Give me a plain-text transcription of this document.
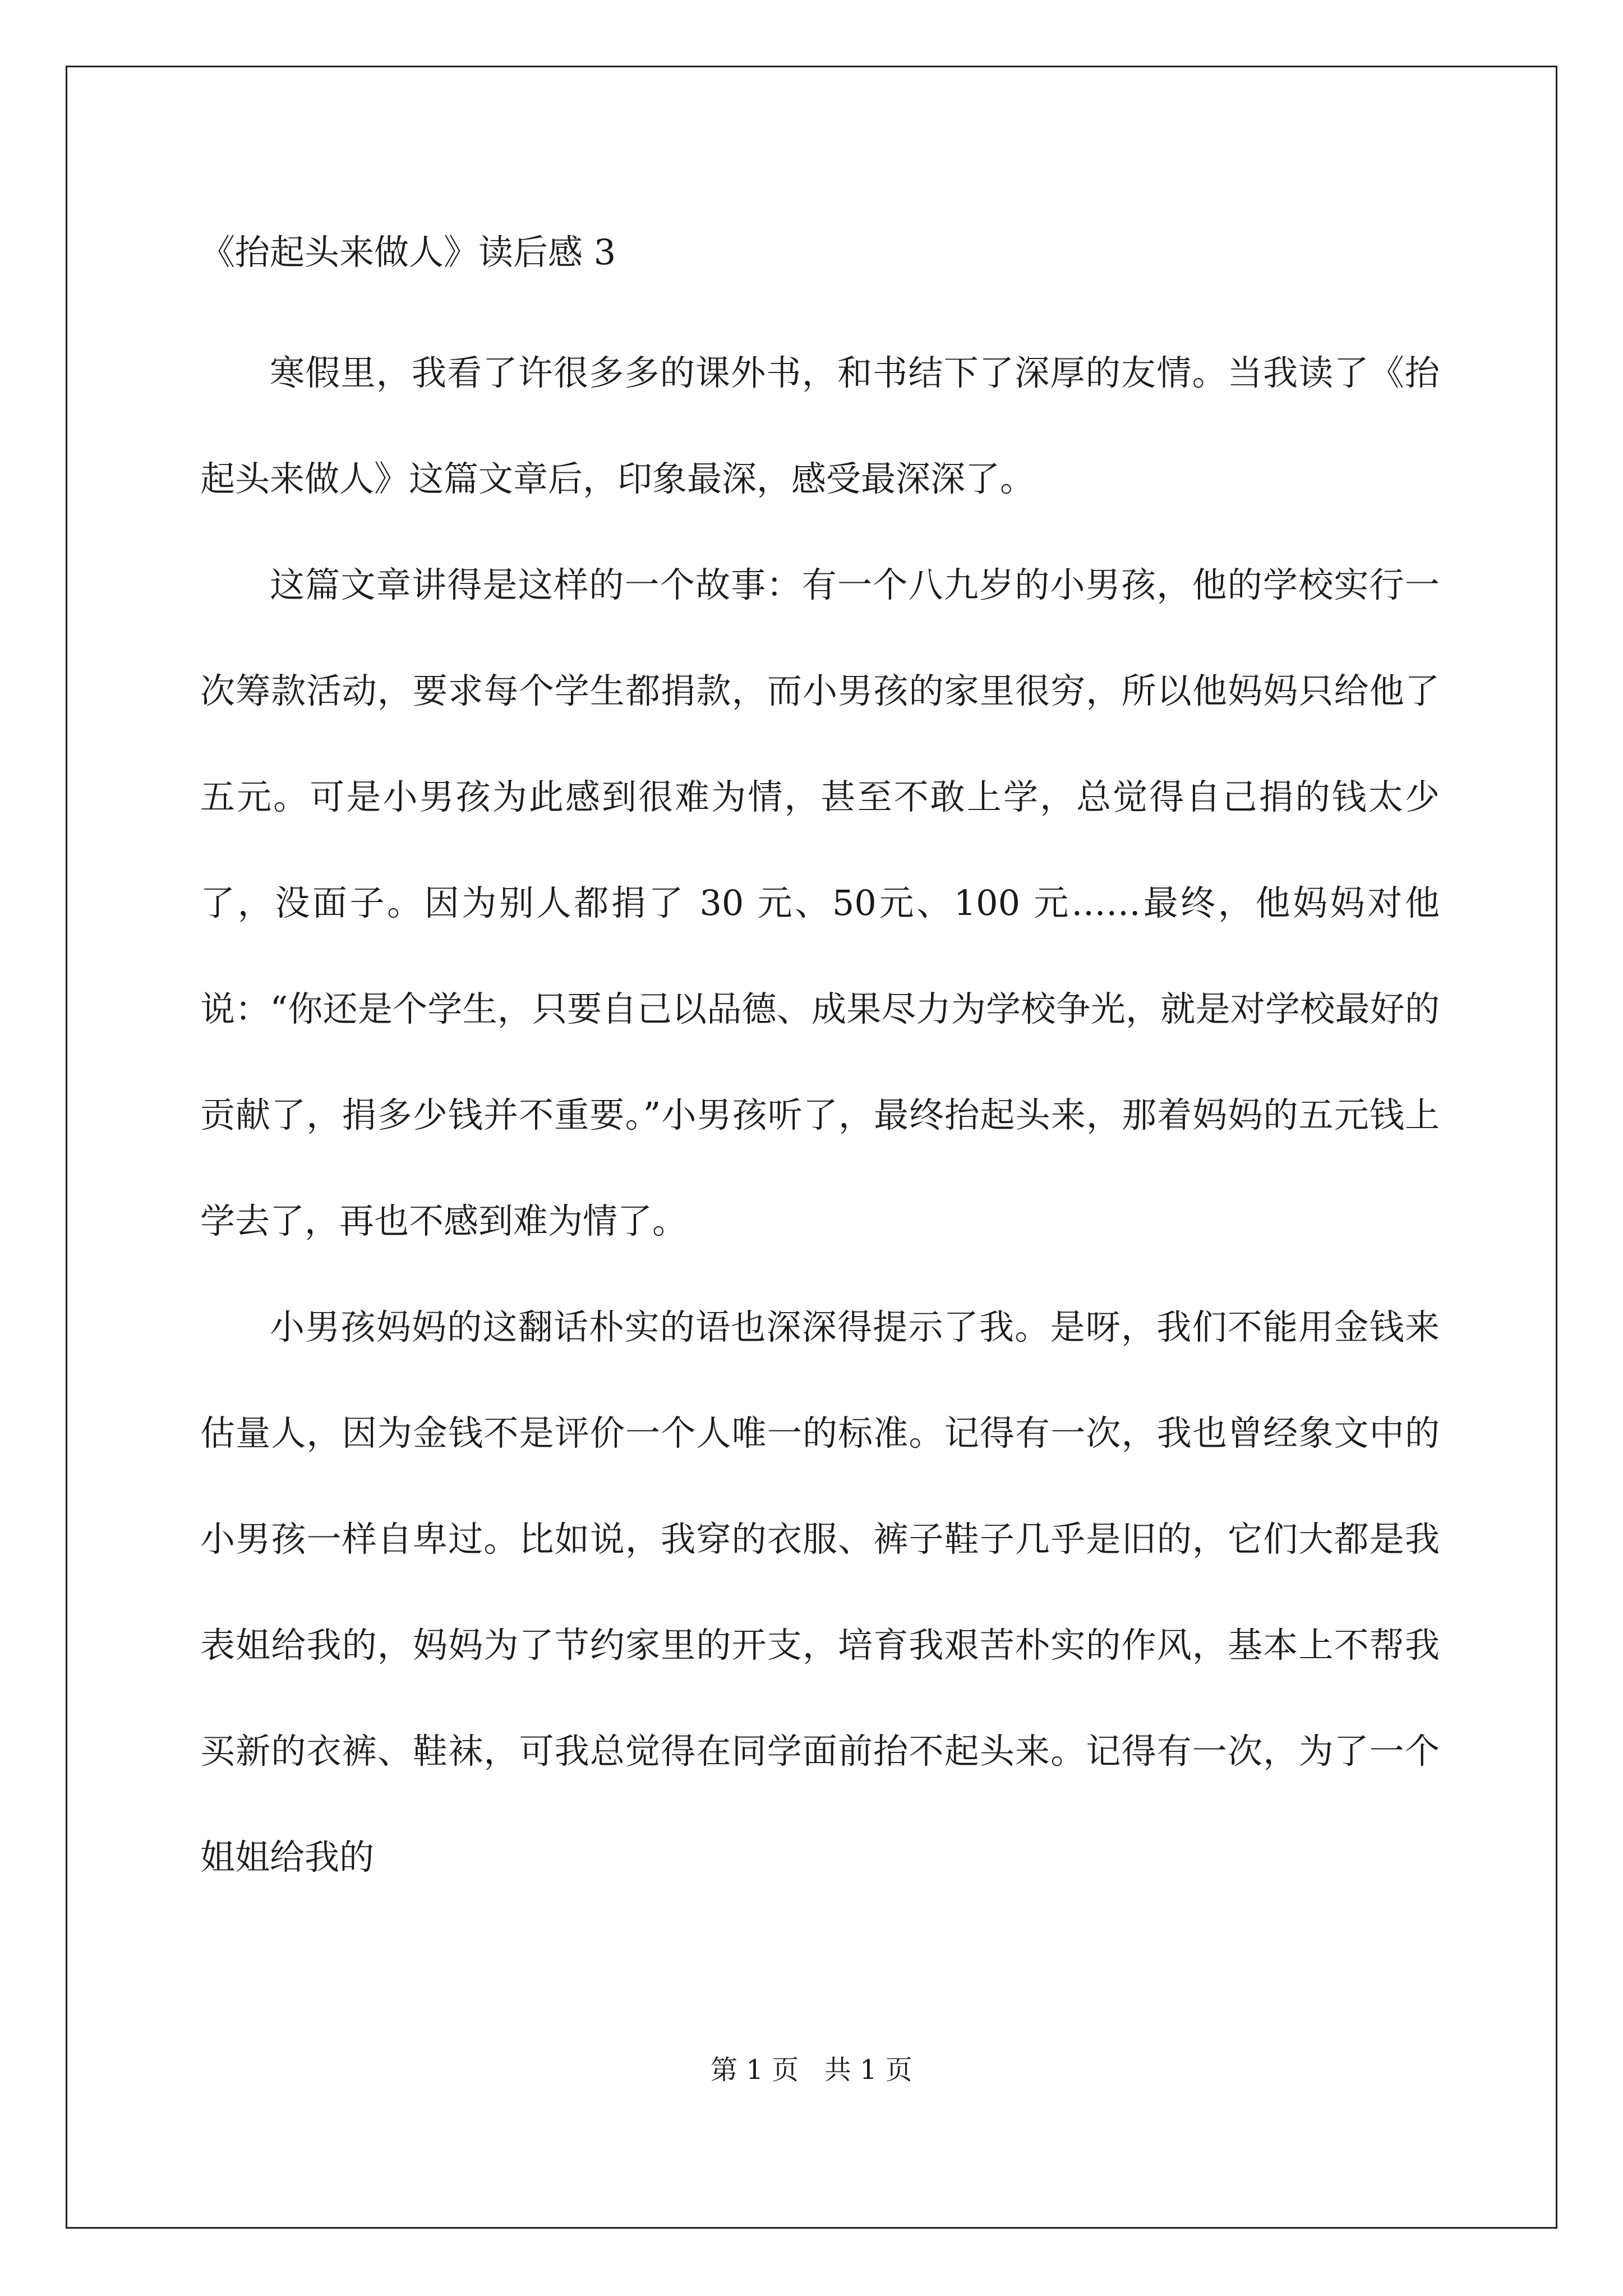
《抬起头来做人》读后感 3

寒假里，我看了许很多多的课外书，和书结下了深厚的友情。当我读了《抬起头来做人》这篇文章后，印象最深，感受最深深了。

这篇文章讲得是这样的一个故事：有一个八九岁的小男孩，他的学校实行一次筹款活动，要求每个学生都捐款，而小男孩的家里很穷，所以他妈妈只给他了五元。可是小男孩为此感到很难为情，甚至不敢上学，总觉得自己捐的钱太少了，没面子。因为别人都捐了 30 元、50元、100 元……最终，他妈妈对他说：“你还是个学生，只要自己以品德、成果尽力为学校争光，就是对学校最好的贡献了，捐多少钱并不重要。”小男孩听了，最终抬起头来，那着妈妈的五元钱上学去了，再也不感到难为情了。

小男孩妈妈的这翻话朴实的语也深深得提示了我。是呀，我们不能用金钱来估量人，因为金钱不是评价一个人唯一的标准。记得有一次，我也曾经象文中的小男孩一样自卑过。比如说，我穿的衣服、裤子鞋子几乎是旧的，它们大都是我表姐给我的，妈妈为了节约家里的开支，培育我艰苦朴实的作风，基本上不帮我买新的衣裤、鞋袜，可我总觉得在同学面前抬不起头来。记得有一次，为了一个姐姐给我的

第 1 页   共 1 页
